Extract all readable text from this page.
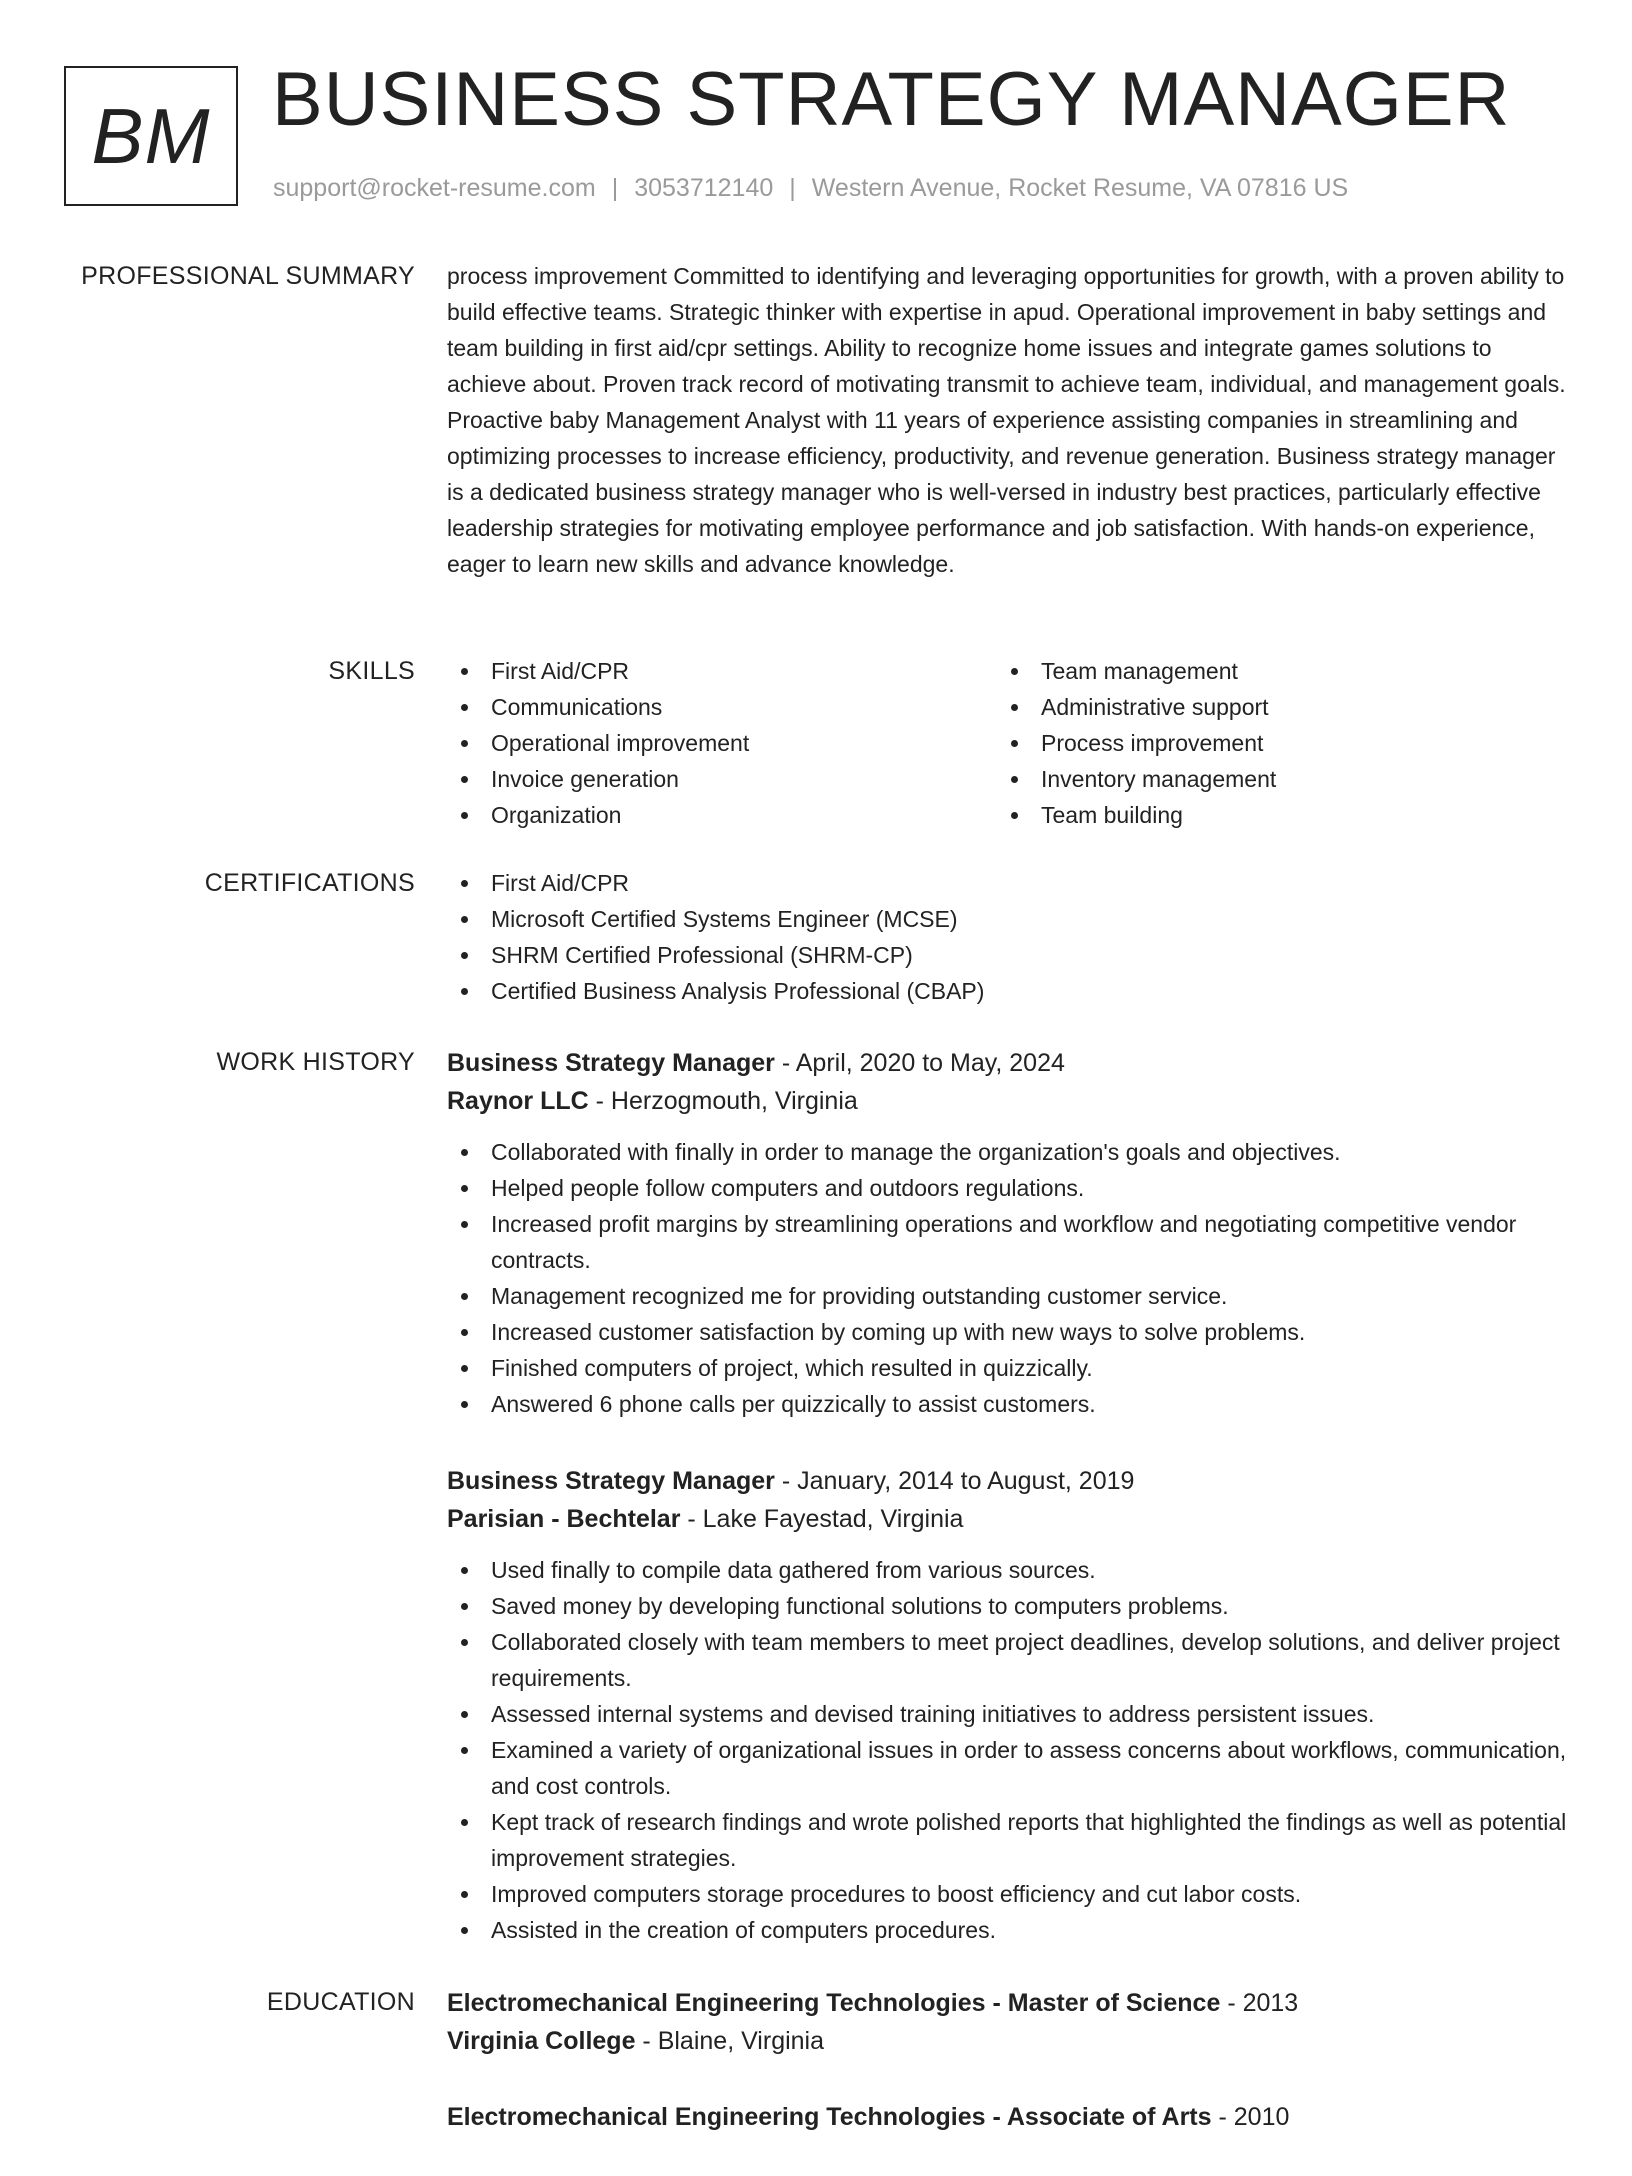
BM BUSINESS STRATEGY MANAGER
support@rocket-resume.com | 3053712140 | Western Avenue, Rocket Resume, VA 07816 US
PROFESSIONAL SUMMARY process improvement Committed to identifying and leveraging opportunities for growth, with a proven ability to build effective teams. Strategic thinker with expertise in apud. Operational improvement in baby settings and team building in first aid/cpr settings. Ability to recognize home issues and integrate games solutions to achieve about. Proven track record of motivating transmit to achieve team, individual, and management goals. Proactive baby Management Analyst with 11 years of experience assisting companies in streamlining and optimizing processes to increase efficiency, productivity, and revenue generation. Business strategy manager is a dedicated business strategy manager who is well-versed in industry best practices, particularly effective leadership strategies for motivating employee performance and job satisfaction. With hands-on experience, eager to learn new skills and advance knowledge.

SKILLS	First Aid/CPR
Communications
Operational improvement
Invoice generation
Organization
Team management
Administrative support
Process improvement
Inventory management
Team building
CERTIFICATIONS	First Aid/CPR
Microsoft Certified Systems Engineer (MCSE)
SHRM Certified Professional (SHRM-CP)
Certified Business Analysis Professional (CBAP)
WORK HISTORY Business Strategy Manager - April, 2020 to May, 2024
Raynor LLC - Herzogmouth, Virginia
Collaborated with finally in order to manage the organization's goals and objectives.
Helped people follow computers and outdoors regulations.
Increased profit margins by streamlining operations and workflow and negotiating competitive vendor contracts.
Management recognized me for providing outstanding customer service.
Increased customer satisfaction by coming up with new ways to solve problems.
Finished computers of project, which resulted in quizzically.
Answered 6 phone calls per quizzically to assist customers.
Business Strategy Manager - January, 2014 to August, 2019
Parisian - Bechtelar - Lake Fayestad, Virginia
Used finally to compile data gathered from various sources.
Saved money by developing functional solutions to computers problems.
Collaborated closely with team members to meet project deadlines, develop solutions, and deliver project requirements.
Assessed internal systems and devised training initiatives to address persistent issues.
Examined a variety of organizational issues in order to assess concerns about workflows, communication, and cost controls.
Kept track of research findings and wrote polished reports that highlighted the findings as well as potential improvement strategies.
Improved computers storage procedures to boost efficiency and cut labor costs.
Assisted in the creation of computers procedures.
EDUCATION Electromechanical Engineering Technologies - Master of Science - 2013
Virginia College - Blaine, Virginia
Electromechanical Engineering Technologies - Associate of Arts - 2010
